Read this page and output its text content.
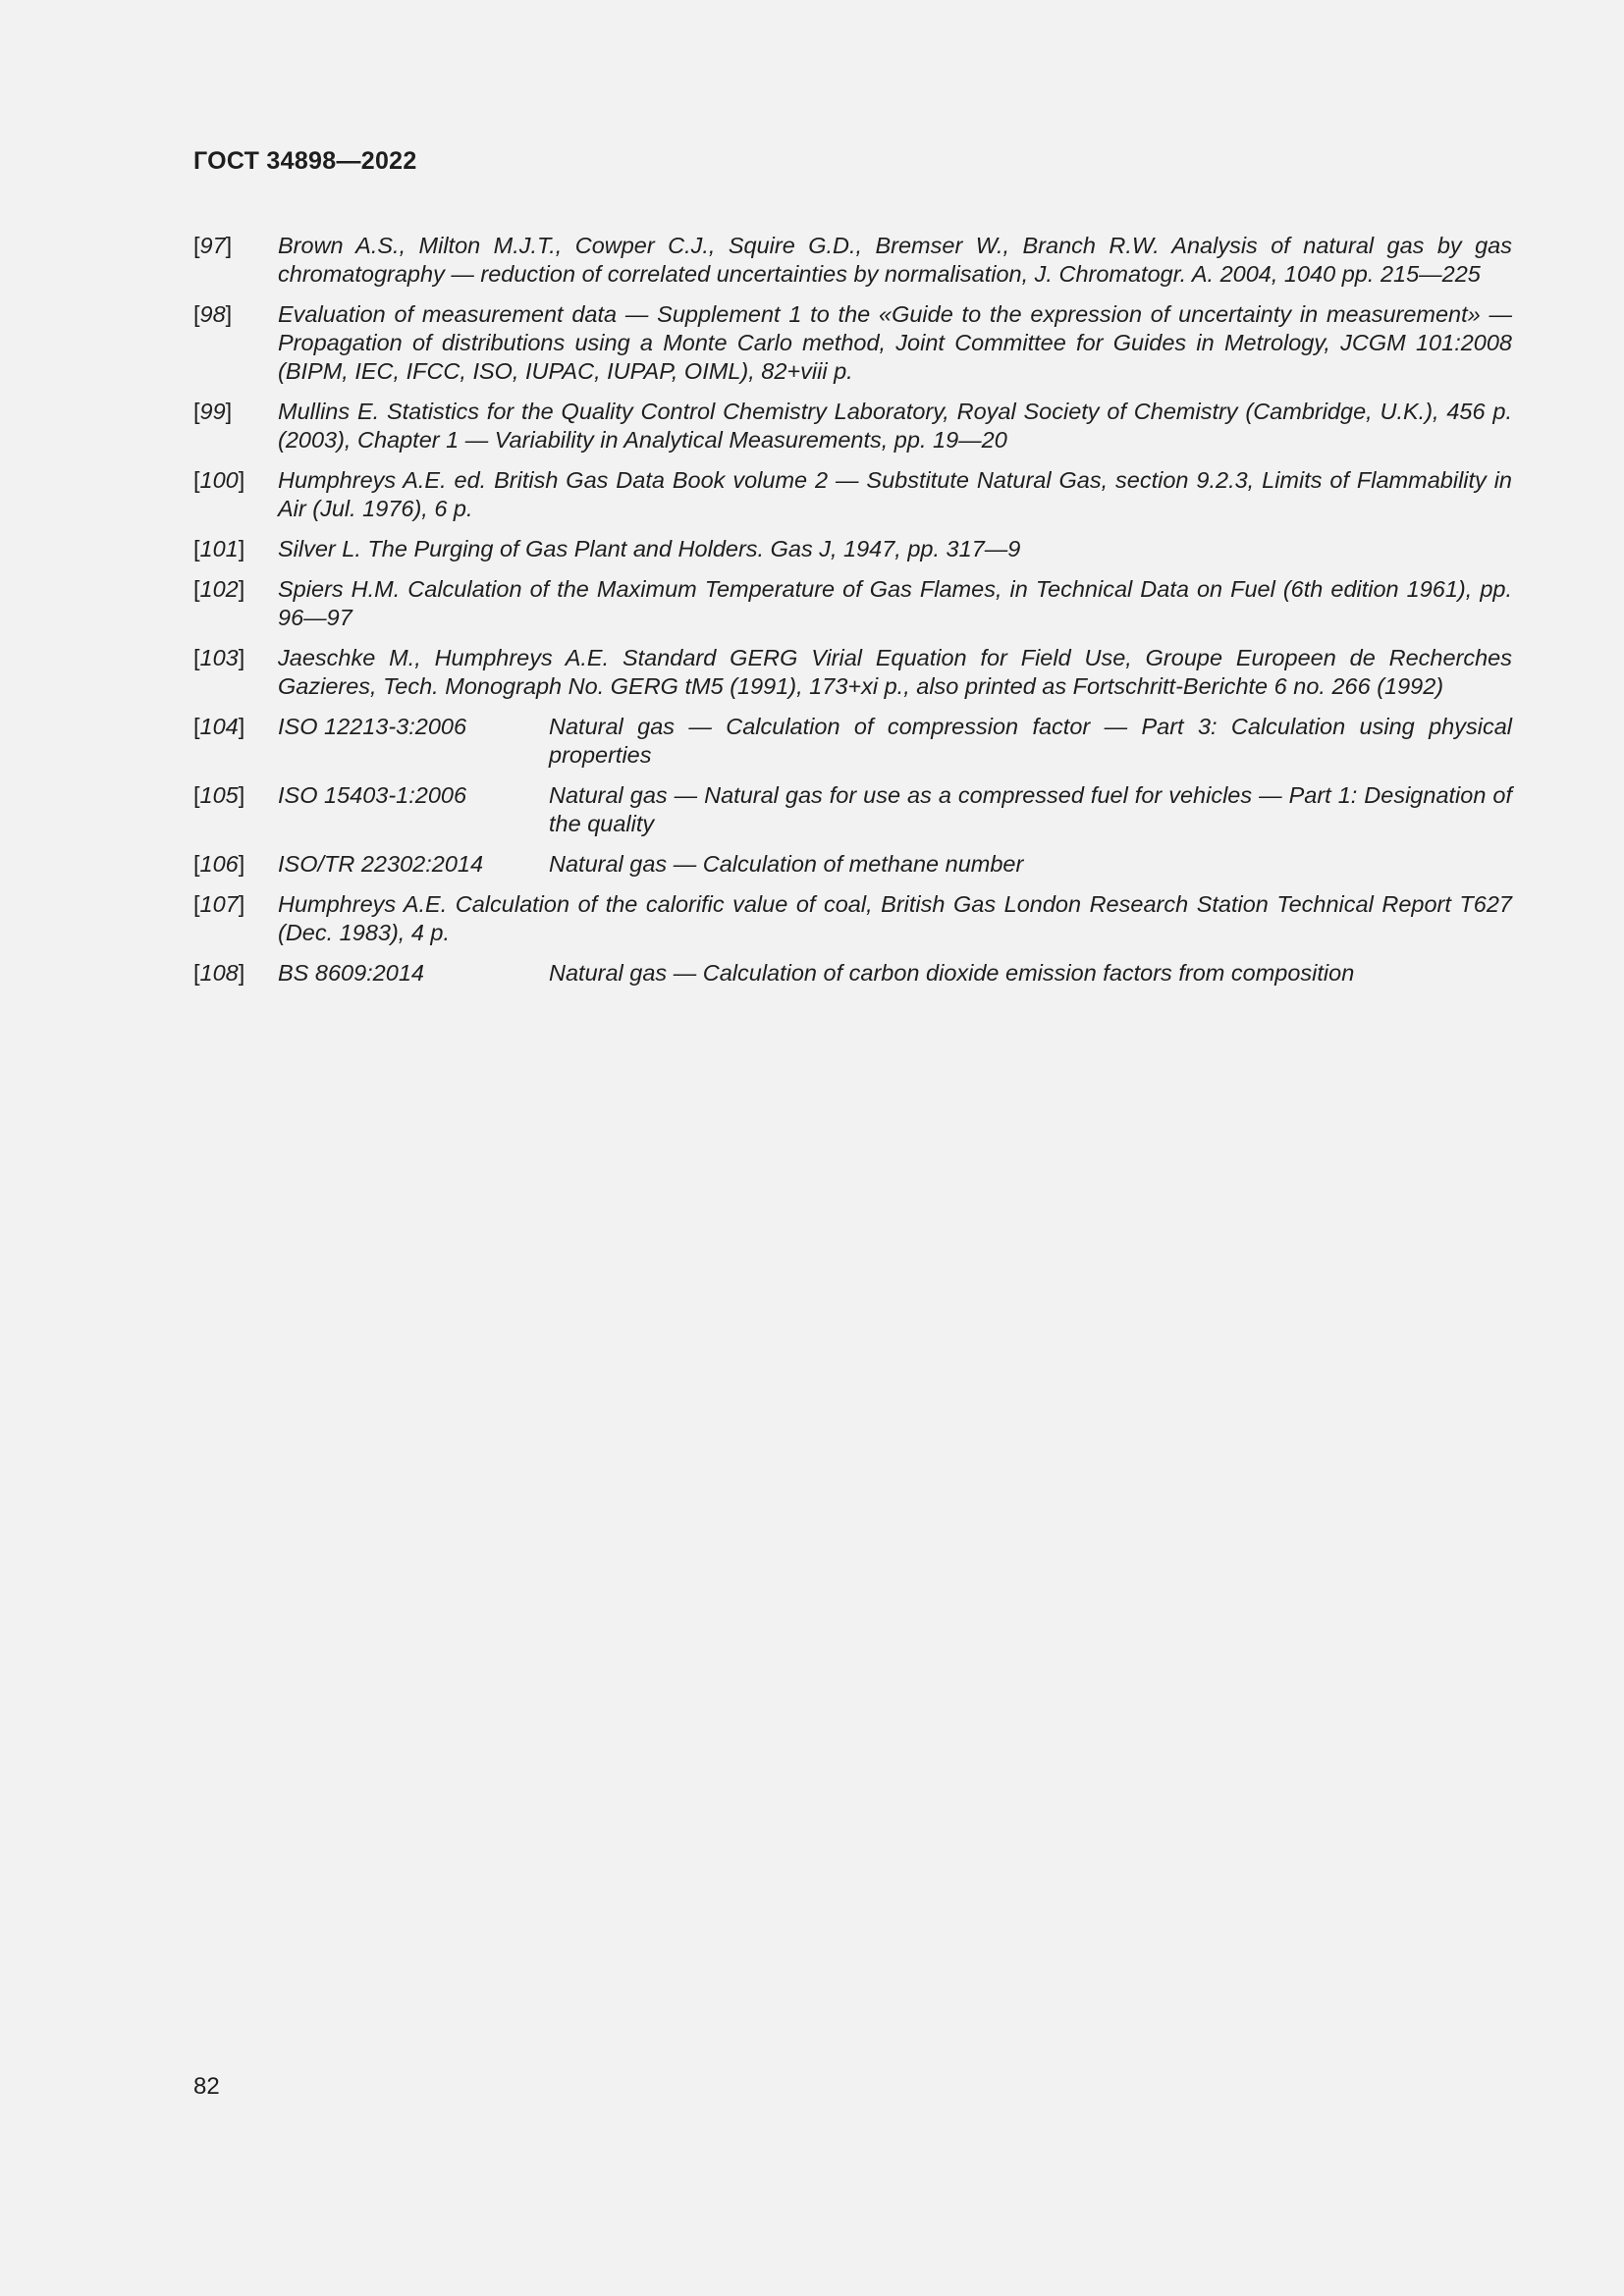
ГОСТ 34898—2022
[97]	Brown A.S., Milton M.J.T., Cowper C.J., Squire G.D., Bremser W., Branch R.W. Analysis of natural gas by gas chromatography — reduction of correlated uncertainties by normalisation, J. Chromatogr. A. 2004, 1040 pp. 215—225
[98]	Evaluation of measurement data — Supplement 1 to the «Guide to the expression of uncertainty in measurement» — Propagation of distributions using a Monte Carlo method, Joint Committee for Guides in Metrology, JCGM 101:2008 (BIPM, IEC, IFCC, ISO, IUPAC, IUPAP, OIML), 82+viii p.
[99]	Mullins E. Statistics for the Quality Control Chemistry Laboratory, Royal Society of Chemistry (Cambridge, U.K.), 456 p.(2003), Chapter 1 — Variability in Analytical Measurements, pp. 19—20
[100]	Humphreys A.E. ed. British Gas Data Book volume 2 — Substitute Natural Gas, section 9.2.3, Limits of Flammability in Air (Jul. 1976), 6 p.
[101]	Silver L. The Purging of Gas Plant and Holders. Gas J, 1947, pp. 317—9
[102]	Spiers H.M. Calculation of the Maximum Temperature of Gas Flames, in Technical Data on Fuel (6th edition 1961), pp. 96—97
[103]	Jaeschke M., Humphreys A.E. Standard GERG Virial Equation for Field Use, Groupe Europeen de Recherches Gazieres, Tech. Monograph No. GERG tM5 (1991), 173+xi p., also printed as Fortschritt-Berichte 6 no. 266 (1992)
[104]	ISO 12213-3:2006	Natural gas — Calculation of compression factor — Part 3: Calculation using physical properties
[105]	ISO 15403-1:2006	Natural gas — Natural gas for use as a compressed fuel for vehicles — Part 1: Designation of the quality
[106]	ISO/TR 22302:2014	Natural gas — Calculation of methane number
[107]	Humphreys A.E. Calculation of the calorific value of coal, British Gas London Research Station Technical Report T627 (Dec. 1983), 4 p.
[108]	BS 8609:2014	Natural gas — Calculation of carbon dioxide emission factors from composition
82
